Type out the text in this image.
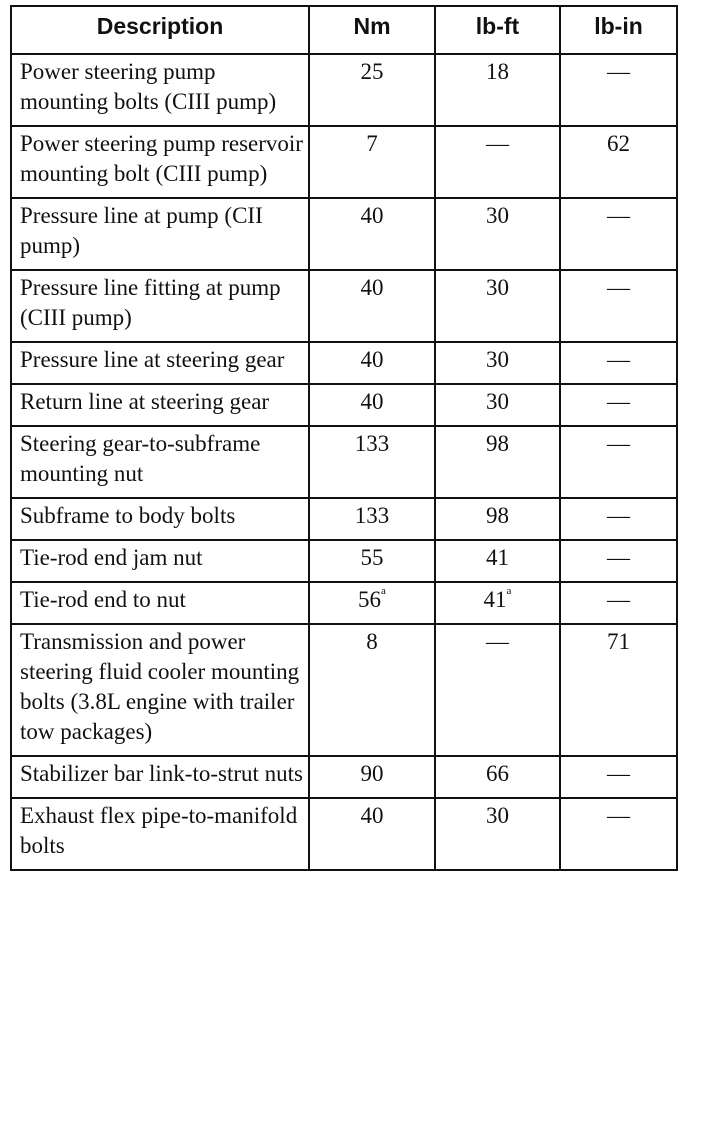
Description	Nm	lb-ft	lb-in
Power steering pump mounting bolts (CIII pump)	25	18	—
Power steering pump reservoir mounting bolt (CIII pump)	7	—	62
Pressure line at pump (CII pump)	40	30	—
Pressure line fitting at pump (CIII pump)	40	30	—
Pressure line at steering gear	40	30	—
Return line at steering gear	40	30	—
Steering gear-to-subframe mounting nut	133	98	—
Subframe to body bolts	133	98	—
Tie-rod end jam nut	55	41	—
Tie-rod end to nut	56$^a$	41$^a$	—
Transmission and power steering fluid cooler mounting bolts (3.8L engine with trailer tow packages)	8	—	71
Stabilizer bar link-to-strut nuts	90	66	—
Exhaust flex pipe-to-manifold bolts	40	30	—
